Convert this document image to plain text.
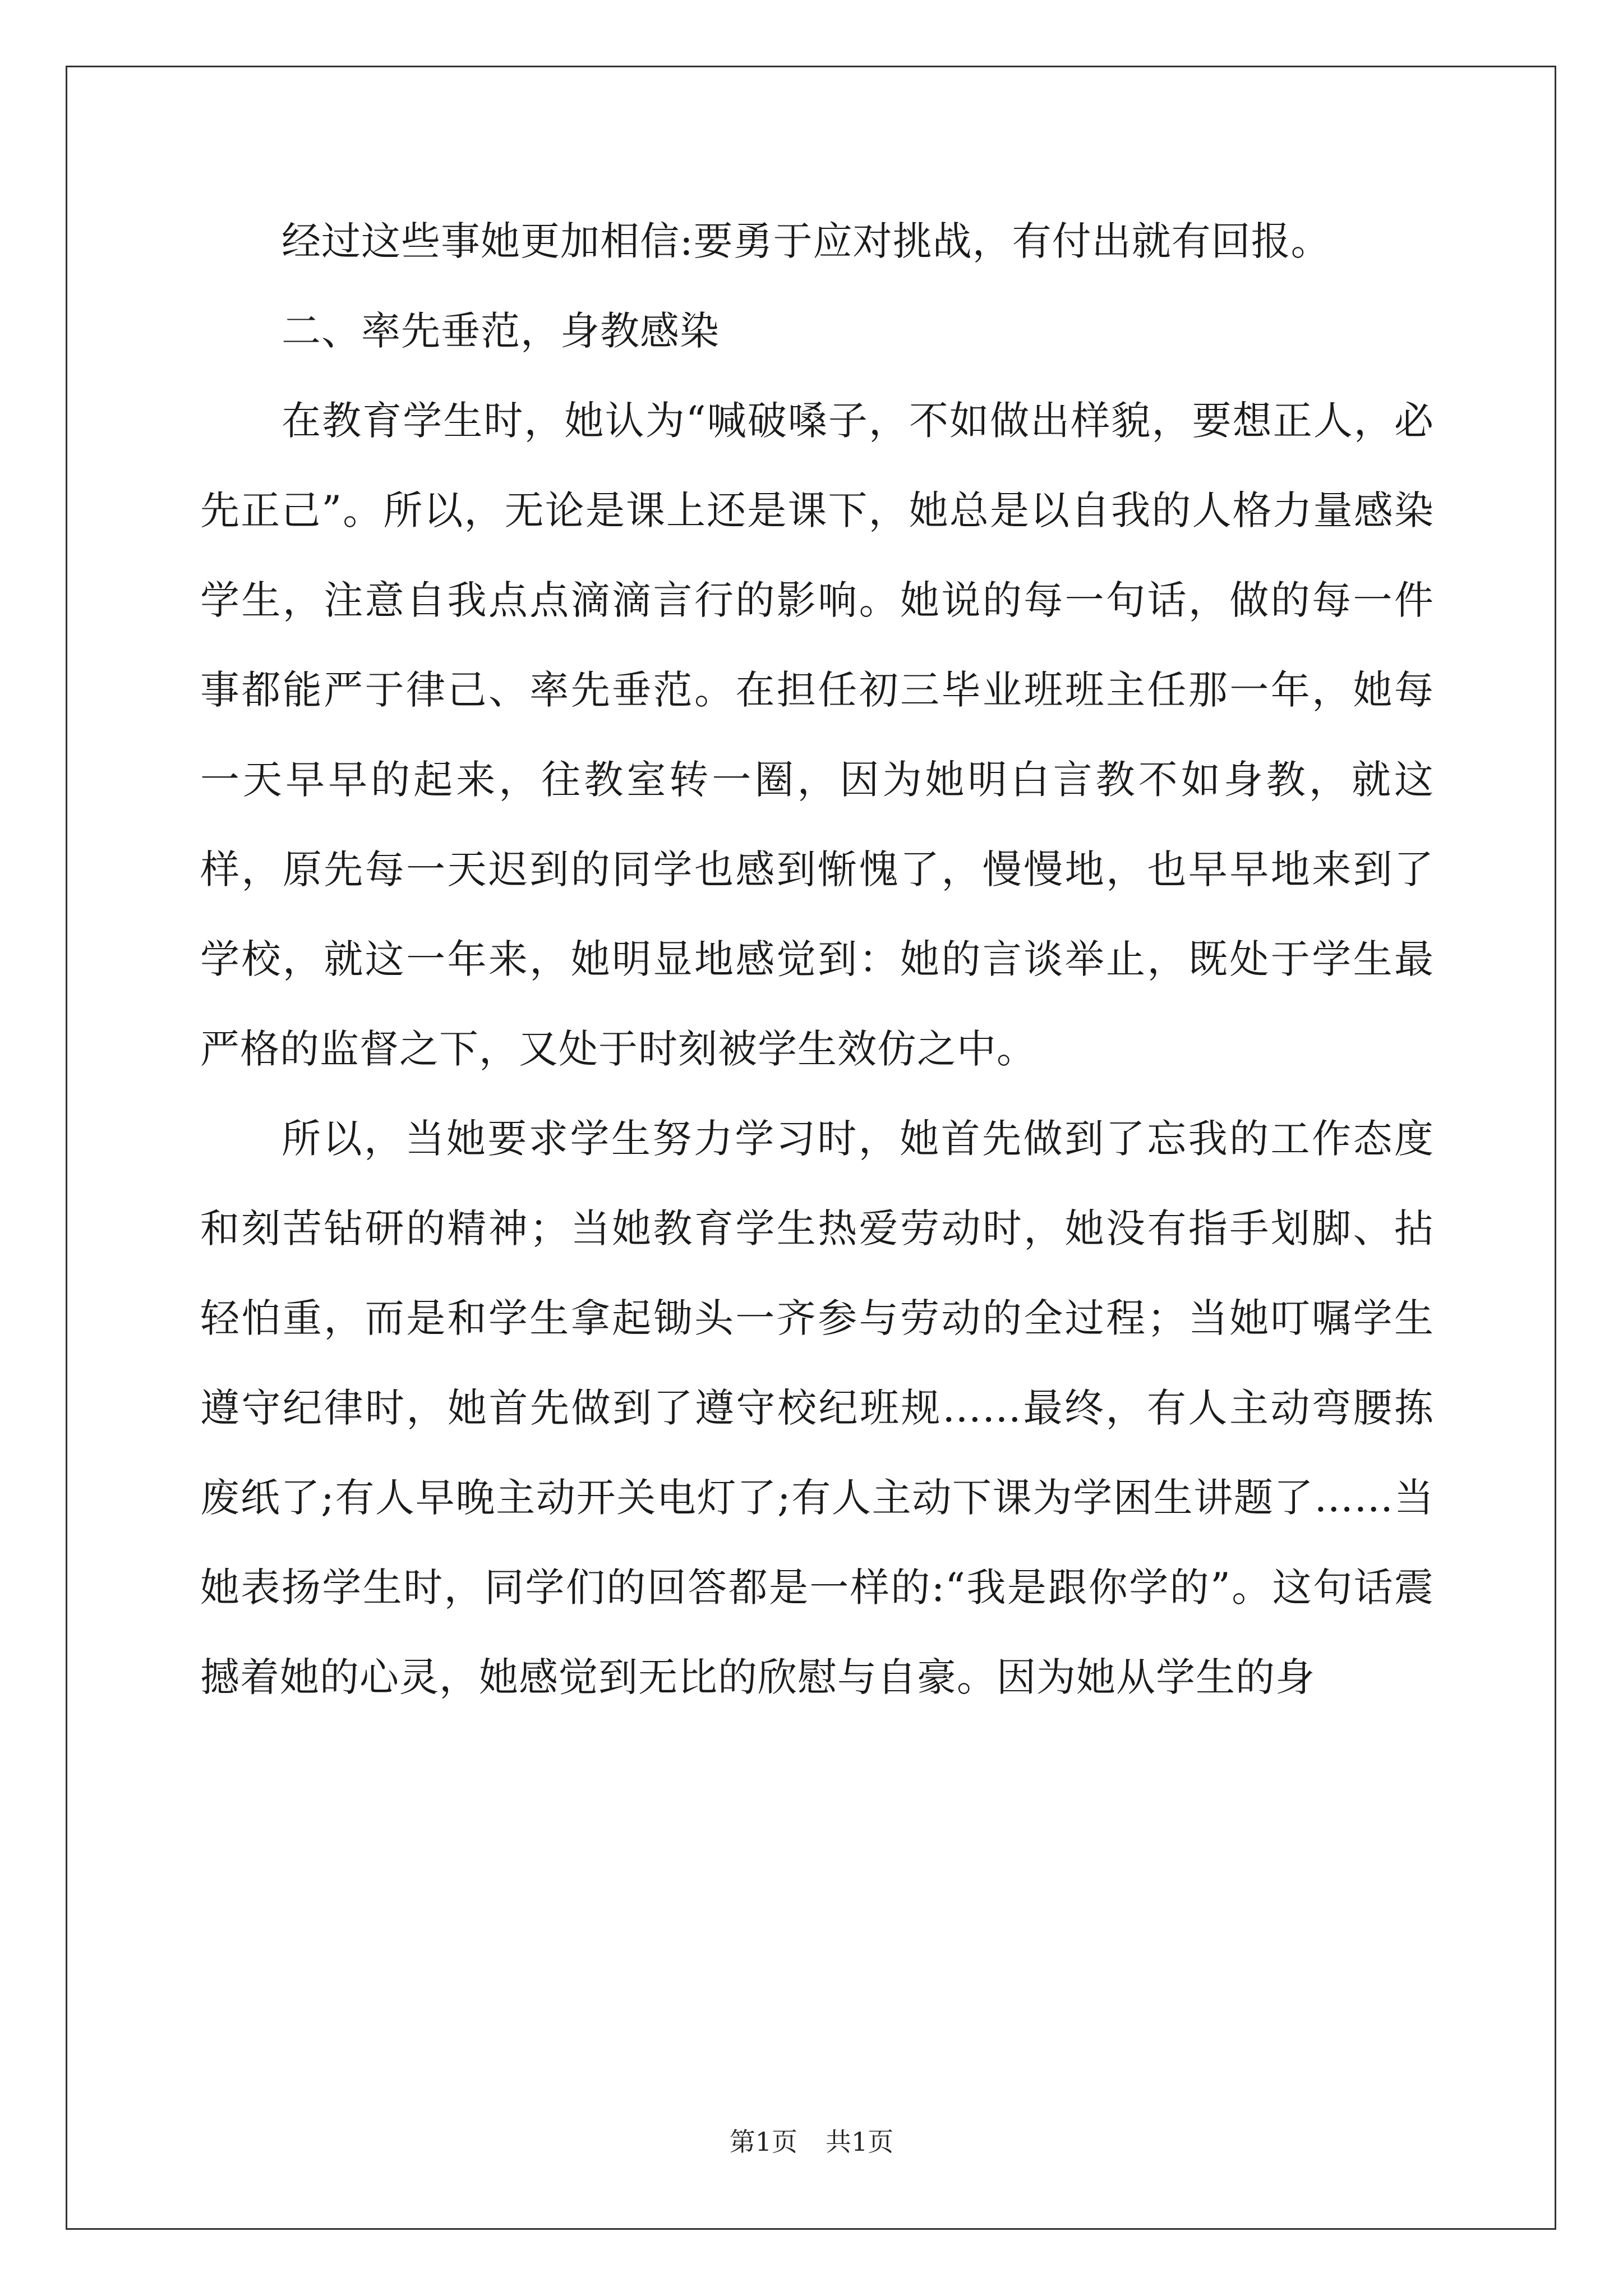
经过这些事她更加相信:要勇于应对挑战，有付出就有回报。

二、率先垂范，身教感染

在教育学生时，她认为“喊破嗓子，不如做出样貌，要想正人，必先正己”。所以，无论是课上还是课下，她总是以自我的人格力量感染学生，注意自我点点滴滴言行的影响。她说的每一句话，做的每一件事都能严于律己、率先垂范。在担任初三毕业班班主任那一年，她每一天早早的起来，往教室转一圈，因为她明白言教不如身教，就这样，原先每一天迟到的同学也感到惭愧了，慢慢地，也早早地来到了学校，就这一年来，她明显地感觉到：她的言谈举止，既处于学生最严格的监督之下，又处于时刻被学生效仿之中。

所以，当她要求学生努力学习时，她首先做到了忘我的工作态度和刻苦钻研的精神；当她教育学生热爱劳动时，她没有指手划脚、拈轻怕重，而是和学生拿起锄头一齐参与劳动的全过程；当她叮嘱学生遵守纪律时，她首先做到了遵守校纪班规……最终，有人主动弯腰拣废纸了;有人早晚主动开关电灯了;有人主动下课为学困生讲题了……当她表扬学生时，同学们的回答都是一样的:“我是跟你学的”。这句话震撼着她的心灵，她感觉到无比的欣慰与自豪。因为她从学生的身

第1页 共1页
